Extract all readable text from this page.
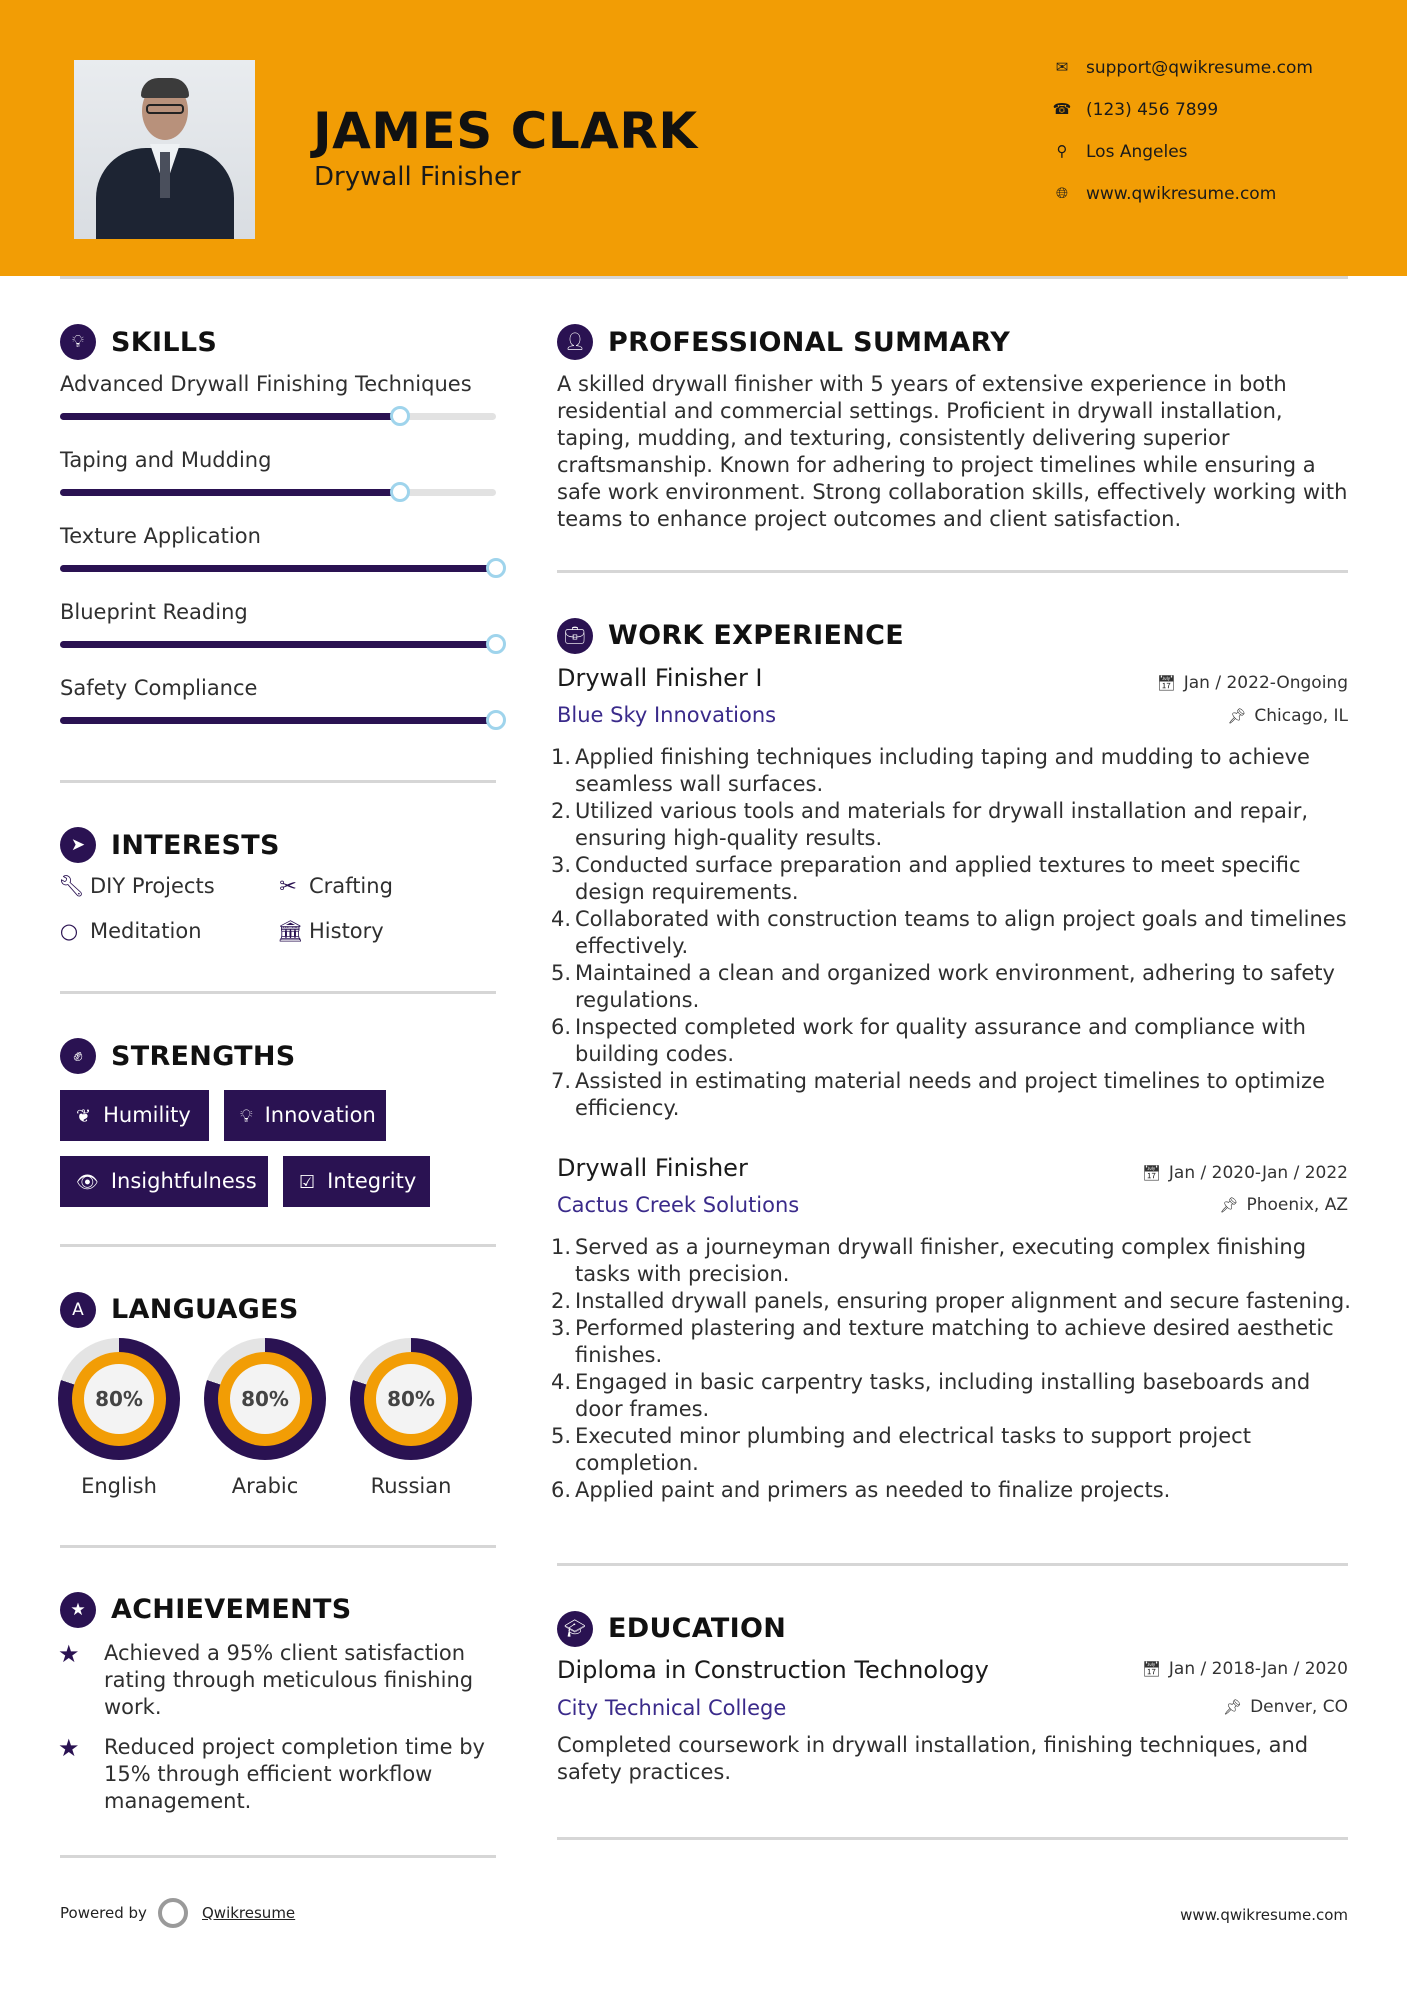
JAMES CLARK
Drywall Finisher
✉ support@qwikresume.com
☎ (123) 456 7899
⚲ Los Angeles
🌐︎ www.qwikresume.com
💡︎	SKILLS
Advanced Drywall Finishing Techniques
Taping and Mudding
Texture Application
Blueprint Reading
Safety Compliance
➤ INTERESTS
🔧︎ DIY Projects	✂ Crafting
○ Meditation	🏛︎ History
✊︎	STRENGTHS
❦ Humility	💡︎ Innovation
👁︎ Insightfulness	☑ Integrity
A	LANGUAGES
80%
English
80%
Arabic
80%
Russian
★ ACHIEVEMENTS
★ Achieved a 95% client satisfaction rating through meticulous finishing work.
★ Reduced project completion time by 15% through efficient workflow management.
👤︎ PROFESSIONAL SUMMARY
A skilled drywall finisher with 5 years of extensive experience in both residential and commercial settings. Proficient in drywall installation, taping, mudding, and texturing, consistently delivering superior craftsmanship. Known for adhering to project timelines while ensuring a safe work environment. Strong collaboration skills, effectively working with teams to enhance project outcomes and client satisfaction.
💼︎ WORK EXPERIENCE
Drywall Finisher I	📅︎ Jan / 2022-Ongoing
Blue Sky Innovations	📌︎ Chicago, IL
Applied finishing techniques including taping and mudding to achieve seamless wall surfaces.
Utilized various tools and materials for drywall installation and repair, ensuring high-quality results.
Conducted surface preparation and applied textures to meet specific design requirements.
Collaborated with construction teams to align project goals and timelines effectively.
Maintained a clean and organized work environment, adhering to safety regulations.
Inspected completed work for quality assurance and compliance with building codes.
Assisted in estimating material needs and project timelines to optimize efficiency.
Drywall Finisher	📅︎ Jan / 2020-Jan / 2022
Cactus Creek Solutions	📌︎ Phoenix, AZ
Served as a journeyman drywall finisher, executing complex finishing tasks with precision.
Installed drywall panels, ensuring proper alignment and secure fastening.
Performed plastering and texture matching to achieve desired aesthetic finishes.
Engaged in basic carpentry tasks, including installing baseboards and door frames.
Executed minor plumbing and electrical tasks to support project completion.
Applied paint and primers as needed to finalize projects.
🎓︎ EDUCATION
Diploma in Construction Technology	📅︎ Jan / 2018-Jan / 2020
City Technical College	📌︎ Denver, CO
Completed coursework in drywall installation, finishing techniques, and safety practices.
Powered by	Qwikresume	www.qwikresume.com
